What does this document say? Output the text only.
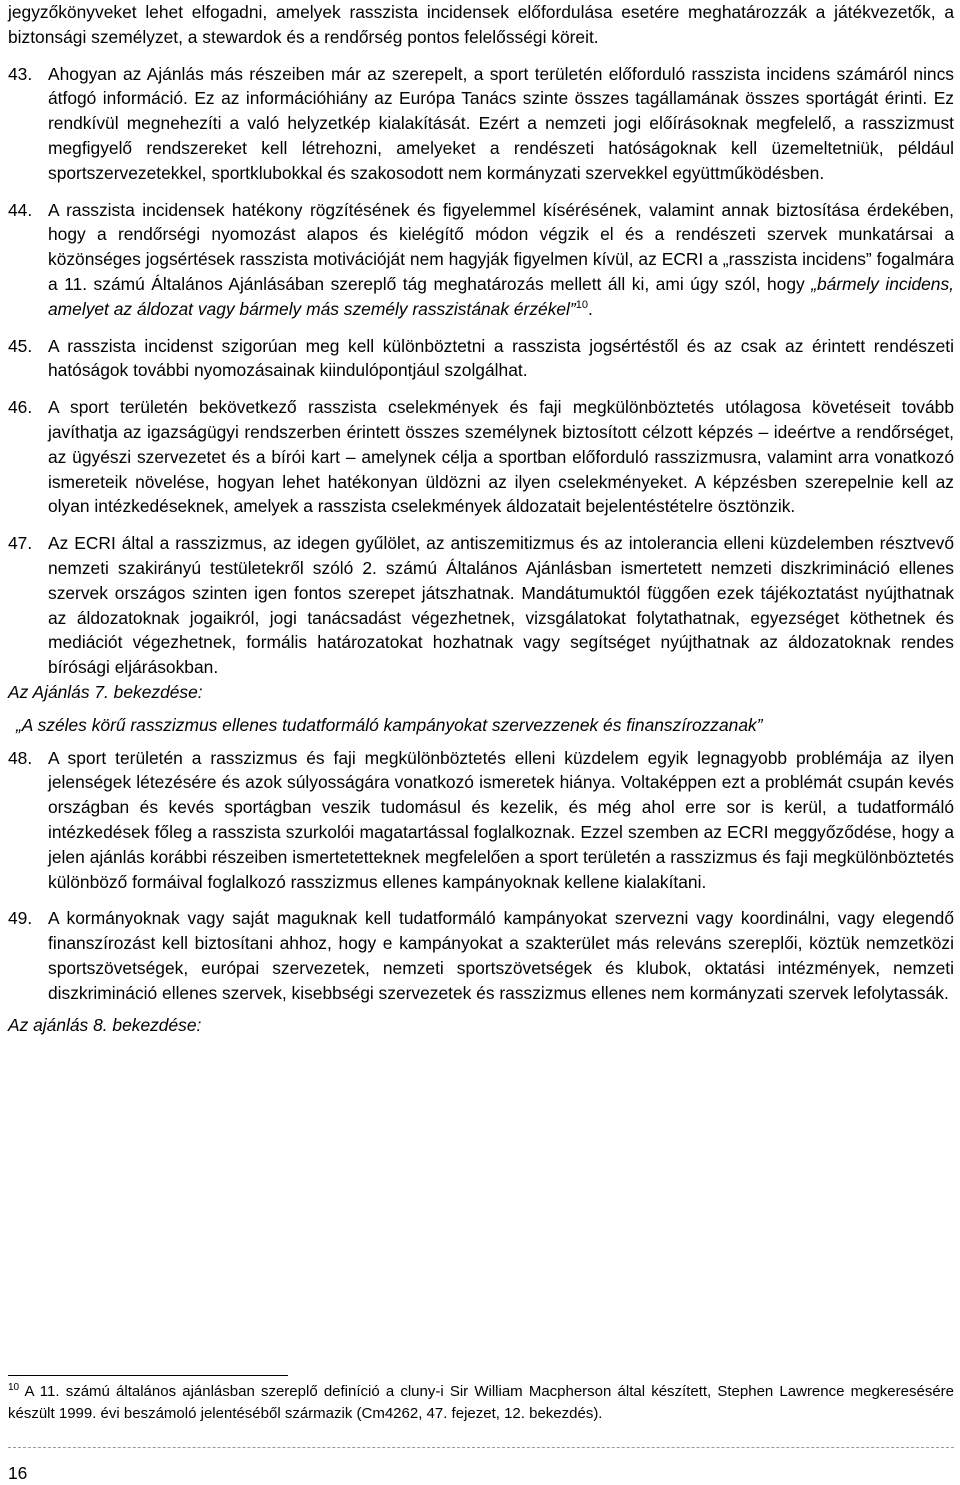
jegyzőkönyveket lehet elfogadni, amelyek rasszista incidensek előfordulása esetére meghatározzák a játékvezetők, a biztonsági személyzet, a stewardok és a rendőrség pontos felelősségi köreit.

43. Ahogyan az Ajánlás más részeiben már az szerepelt, a sport területén előforduló rasszista incidens számáról nincs átfogó információ. Ez az információhiány az Európa Tanács szinte összes tagállamának összes sportágát érinti. Ez rendkívül megnehezíti a való helyzetkép kialakítását. Ezért a nemzeti jogi előírásoknak megfelelő, a rasszizmust megfigyelő rendszereket kell létrehozni, amelyeket a rendészeti hatóságoknak kell üzemeltetniük, például sportszervezetekkel, sportklubokkal és szakosodott nem kormányzati szervekkel együttműködésben.
44. A rasszista incidensek hatékony rögzítésének és figyelemmel kísérésének, valamint annak biztosítása érdekében, hogy a rendőrségi nyomozást alapos és kielégítő módon végzik el és a rendészeti szervek munkatársai a közönséges jogsértések rasszista motivációját nem hagyják figyelmen kívül, az ECRI a „rasszista incidens” fogalmára a 11. számú Általános Ajánlásában szereplő tág meghatározás mellett áll ki, ami úgy szól, hogy „bármely incidens, amelyet az áldozat vagy bármely más személy rasszistának érzékel”$^{10}$.
45. A rasszista incidenst szigorúan meg kell különböztetni a rasszista jogsértéstől és az csak az érintett rendészeti hatóságok további nyomozásainak kiindulópontjául szolgálhat.
46. A sport területén bekövetkező rasszista cselekmények és faji megkülönböztetés utólagosa követéseit tovább javíthatja az igazságügyi rendszerben érintett összes személynek biztosított célzott képzés – ideértve a rendőrséget, az ügyészi szervezetet és a bírói kart – amelynek célja a sportban előforduló rasszizmusra, valamint arra vonatkozó ismereteik növelése, hogyan lehet hatékonyan üldözni az ilyen cselekményeket. A képzésben szerepelnie kell az olyan intézkedéseknek, amelyek a rasszista cselekmények áldozatait bejelentéstételre ösztönzik.
47. Az ECRI által a rasszizmus, az idegen gyűlölet, az antiszemitizmus és az intolerancia elleni küzdelemben résztvevő nemzeti szakirányú testületekről szóló 2. számú Általános Ajánlásban ismertetett nemzeti diszkrimináció ellenes szervek országos szinten igen fontos szerepet játszhatnak. Mandátumuktól függően ezek tájékoztatást nyújthatnak az áldozatoknak jogaikról, jogi tanácsadást végezhetnek, vizsgálatokat folytathatnak, egyezséget köthetnek és mediációt végezhetnek, formális határozatokat hozhatnak vagy segítséget nyújthatnak az áldozatoknak rendes bírósági eljárásokban.

Az Ajánlás 7. bekezdése:

„A széles körű rasszizmus ellenes tudatformáló kampányokat szervezzenek és finanszírozzanak”

48. A sport területén a rasszizmus és faji megkülönböztetés elleni küzdelem egyik legnagyobb problémája az ilyen jelenségek létezésére és azok súlyosságára vonatkozó ismeretek hiánya. Voltaképpen ezt a problémát csupán kevés országban és kevés sportágban veszik tudomásul és kezelik, és még ahol erre sor is kerül, a tudatformáló intézkedések főleg a rasszista szurkolói magatartással foglalkoznak. Ezzel szemben az ECRI meggyőződése, hogy a jelen ajánlás korábbi részeiben ismertetetteknek megfelelően a sport területén a rasszizmus és faji megkülönböztetés különböző formáival foglalkozó rasszizmus ellenes kampányoknak kellene kialakítani.
49. A kormányoknak vagy saját maguknak kell tudatformáló kampányokat szervezni vagy koordinálni, vagy elegendő finanszírozást kell biztosítani ahhoz, hogy e kampányokat a szakterület más releváns szereplői, köztük nemzetközi sportszövetségek, európai szervezetek, nemzeti sportszövetségek és klubok, oktatási intézmények, nemzeti diszkrimináció ellenes szervek, kisebbségi szervezetek és rasszizmus ellenes nem kormányzati szervek lefolytassák.

Az ajánlás 8. bekezdése:

$^{10}$ A 11. számú általános ajánlásban szereplő definíció a cluny-i Sir William Macpherson által készített, Stephen Lawrence megkeresésére készült 1999. évi beszámoló jelentéséből származik (Cm4262, 47. fejezet, 12. bekezdés).
16
